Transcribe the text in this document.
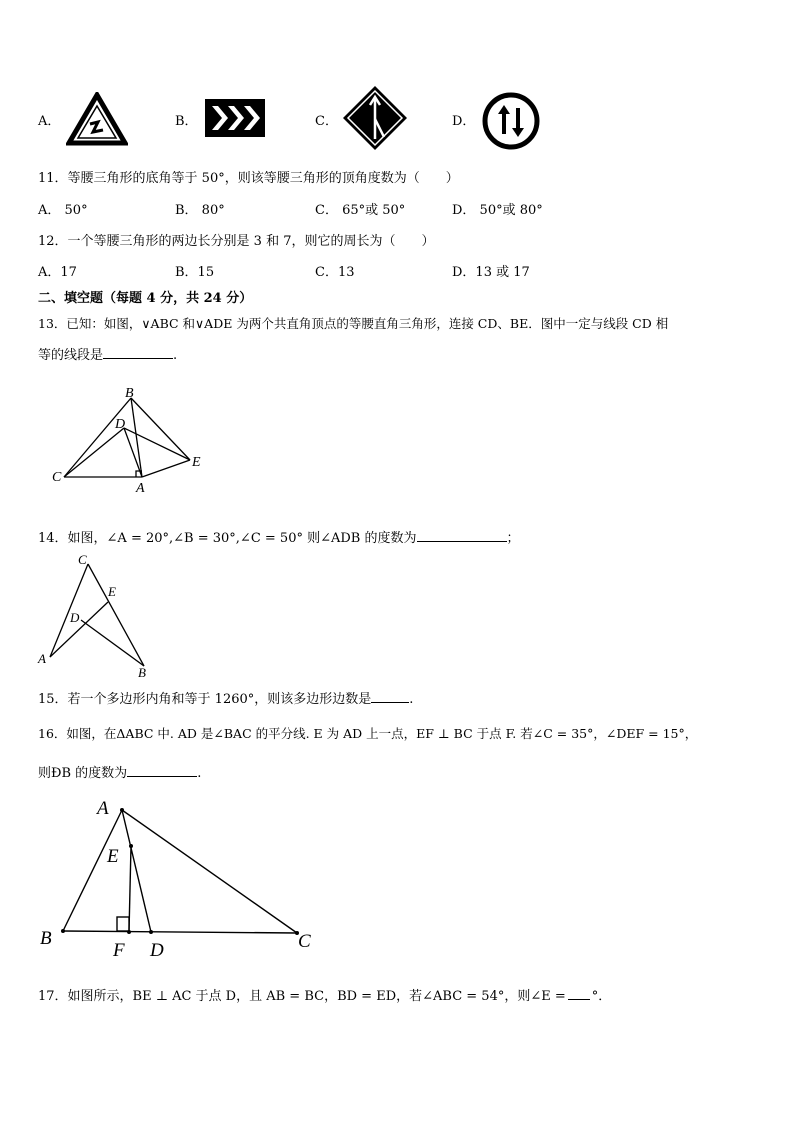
A．	B．	C．	D．
11．等腰三角形的底角等于 50°，则该等腰三角形的顶角度数为（　　）
A． 50°	B． 80°	C． 65°或 50°	D． 50°或 80°
12．一个等腰三角形的两边长分别是 3 和 7，则它的周长为（　　）
A．17	B．15	C．13	D．13 或 17
二、填空题（每题 4 分，共 24 分）
13．已知：如图，∨ABC 和∨ADE 为两个共直角顶点的等腰直角三角形，连接 CD、BE．图中一定与线段 CD 相
等的线段是	.
B
D
C
A
E
14．如图，∠A = 20°,∠B = 30°,∠C = 50° 则∠ADB 的度数为	；
C
E
D
A
B
15．若一个多边形内角和等于 1260°，则该多边形边数是	.
16．如图，在ΔABC 中. AD 是∠BAC 的平分线. E 为 AD 上一点，EF ⊥ BC 于点 F. 若∠C = 35°，∠DEF = 15°，
则ÐB 的度数为	.
A
E
B
F D	C
17．如图所示，BE ⊥ AC 于点 D，且 AB = BC，BD = ED，若∠ABC = 54°，则∠E = °．
